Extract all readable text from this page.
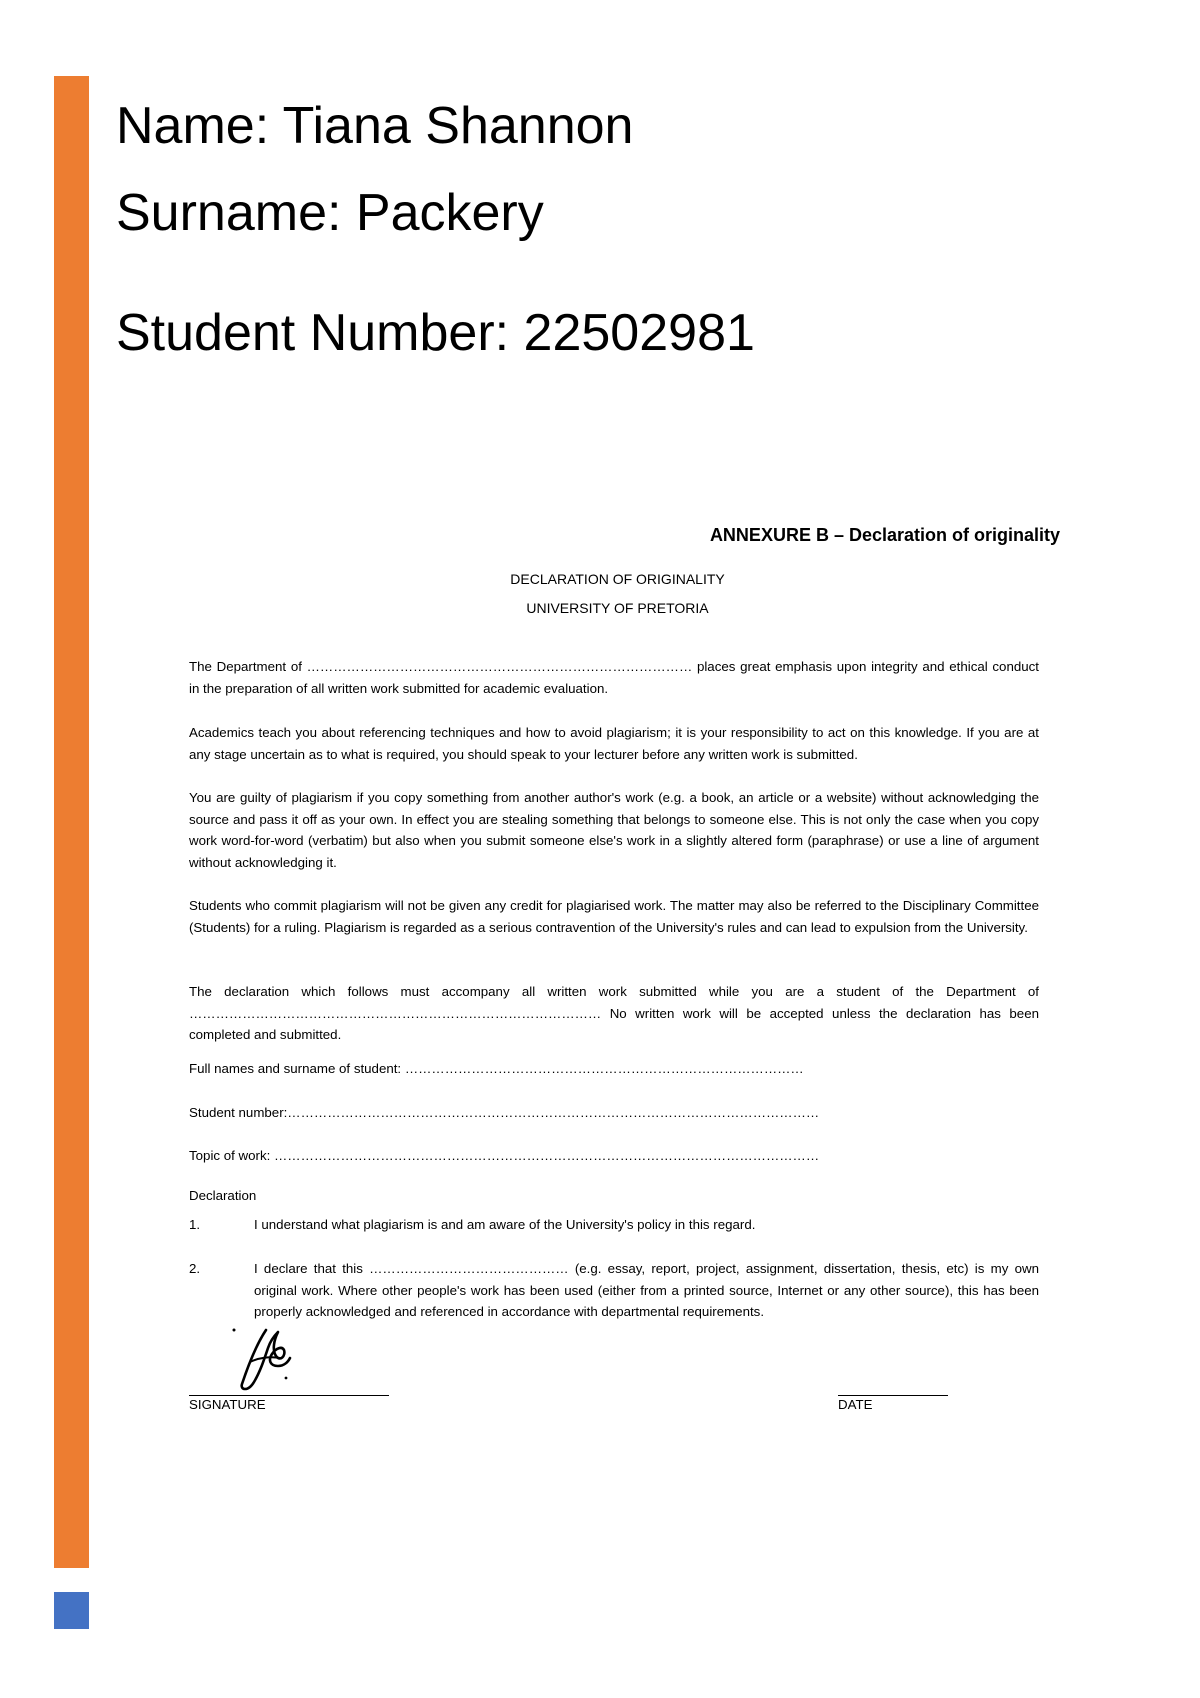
Name: Tiana Shannon
Surname: Packery
Student Number: 22502981
ANNEXURE B – Declaration of originality
DECLARATION OF ORIGINALITY
UNIVERSITY OF PRETORIA
The Department of …………………………………………………………………………… places great emphasis upon integrity and ethical conduct in the preparation of all written work submitted for academic evaluation.
Academics teach you about referencing techniques and how to avoid plagiarism; it is your responsibility to act on this knowledge. If you are at any stage uncertain as to what is required, you should speak to your lecturer before any written work is submitted.
You are guilty of plagiarism if you copy something from another author's work (e.g. a book, an article or a website) without acknowledging the source and pass it off as your own. In effect you are stealing something that belongs to someone else. This is not only the case when you copy work word-for-word (verbatim) but also when you submit someone else's work in a slightly altered form (paraphrase) or use a line of argument without acknowledging it.
Students who commit plagiarism will not be given any credit for plagiarised work. The matter may also be referred to the Disciplinary Committee (Students) for a ruling. Plagiarism is regarded as a serious contravention of the University's rules and can lead to expulsion from the University.
The declaration which follows must accompany all written work submitted while you are a student of the Department of ………………………………………………………………………………… No written work will be accepted unless the declaration has been completed and submitted.
Full names and surname of student: ………………………………………………………………………………
Student number:…………………………………………………………………………………………………………
Topic of work: ……………………………………………………………………………………………………………
Declaration
1.	I understand what plagiarism is and am aware of the University's policy in this regard.
2.	I declare that this ……………………………………… (e.g. essay, report, project, assignment, dissertation, thesis, etc) is my own original work. Where other people's work has been used (either from a printed source, Internet or any other source), this has been properly acknowledged and referenced in accordance with departmental requirements.
SIGNATURE	DATE
